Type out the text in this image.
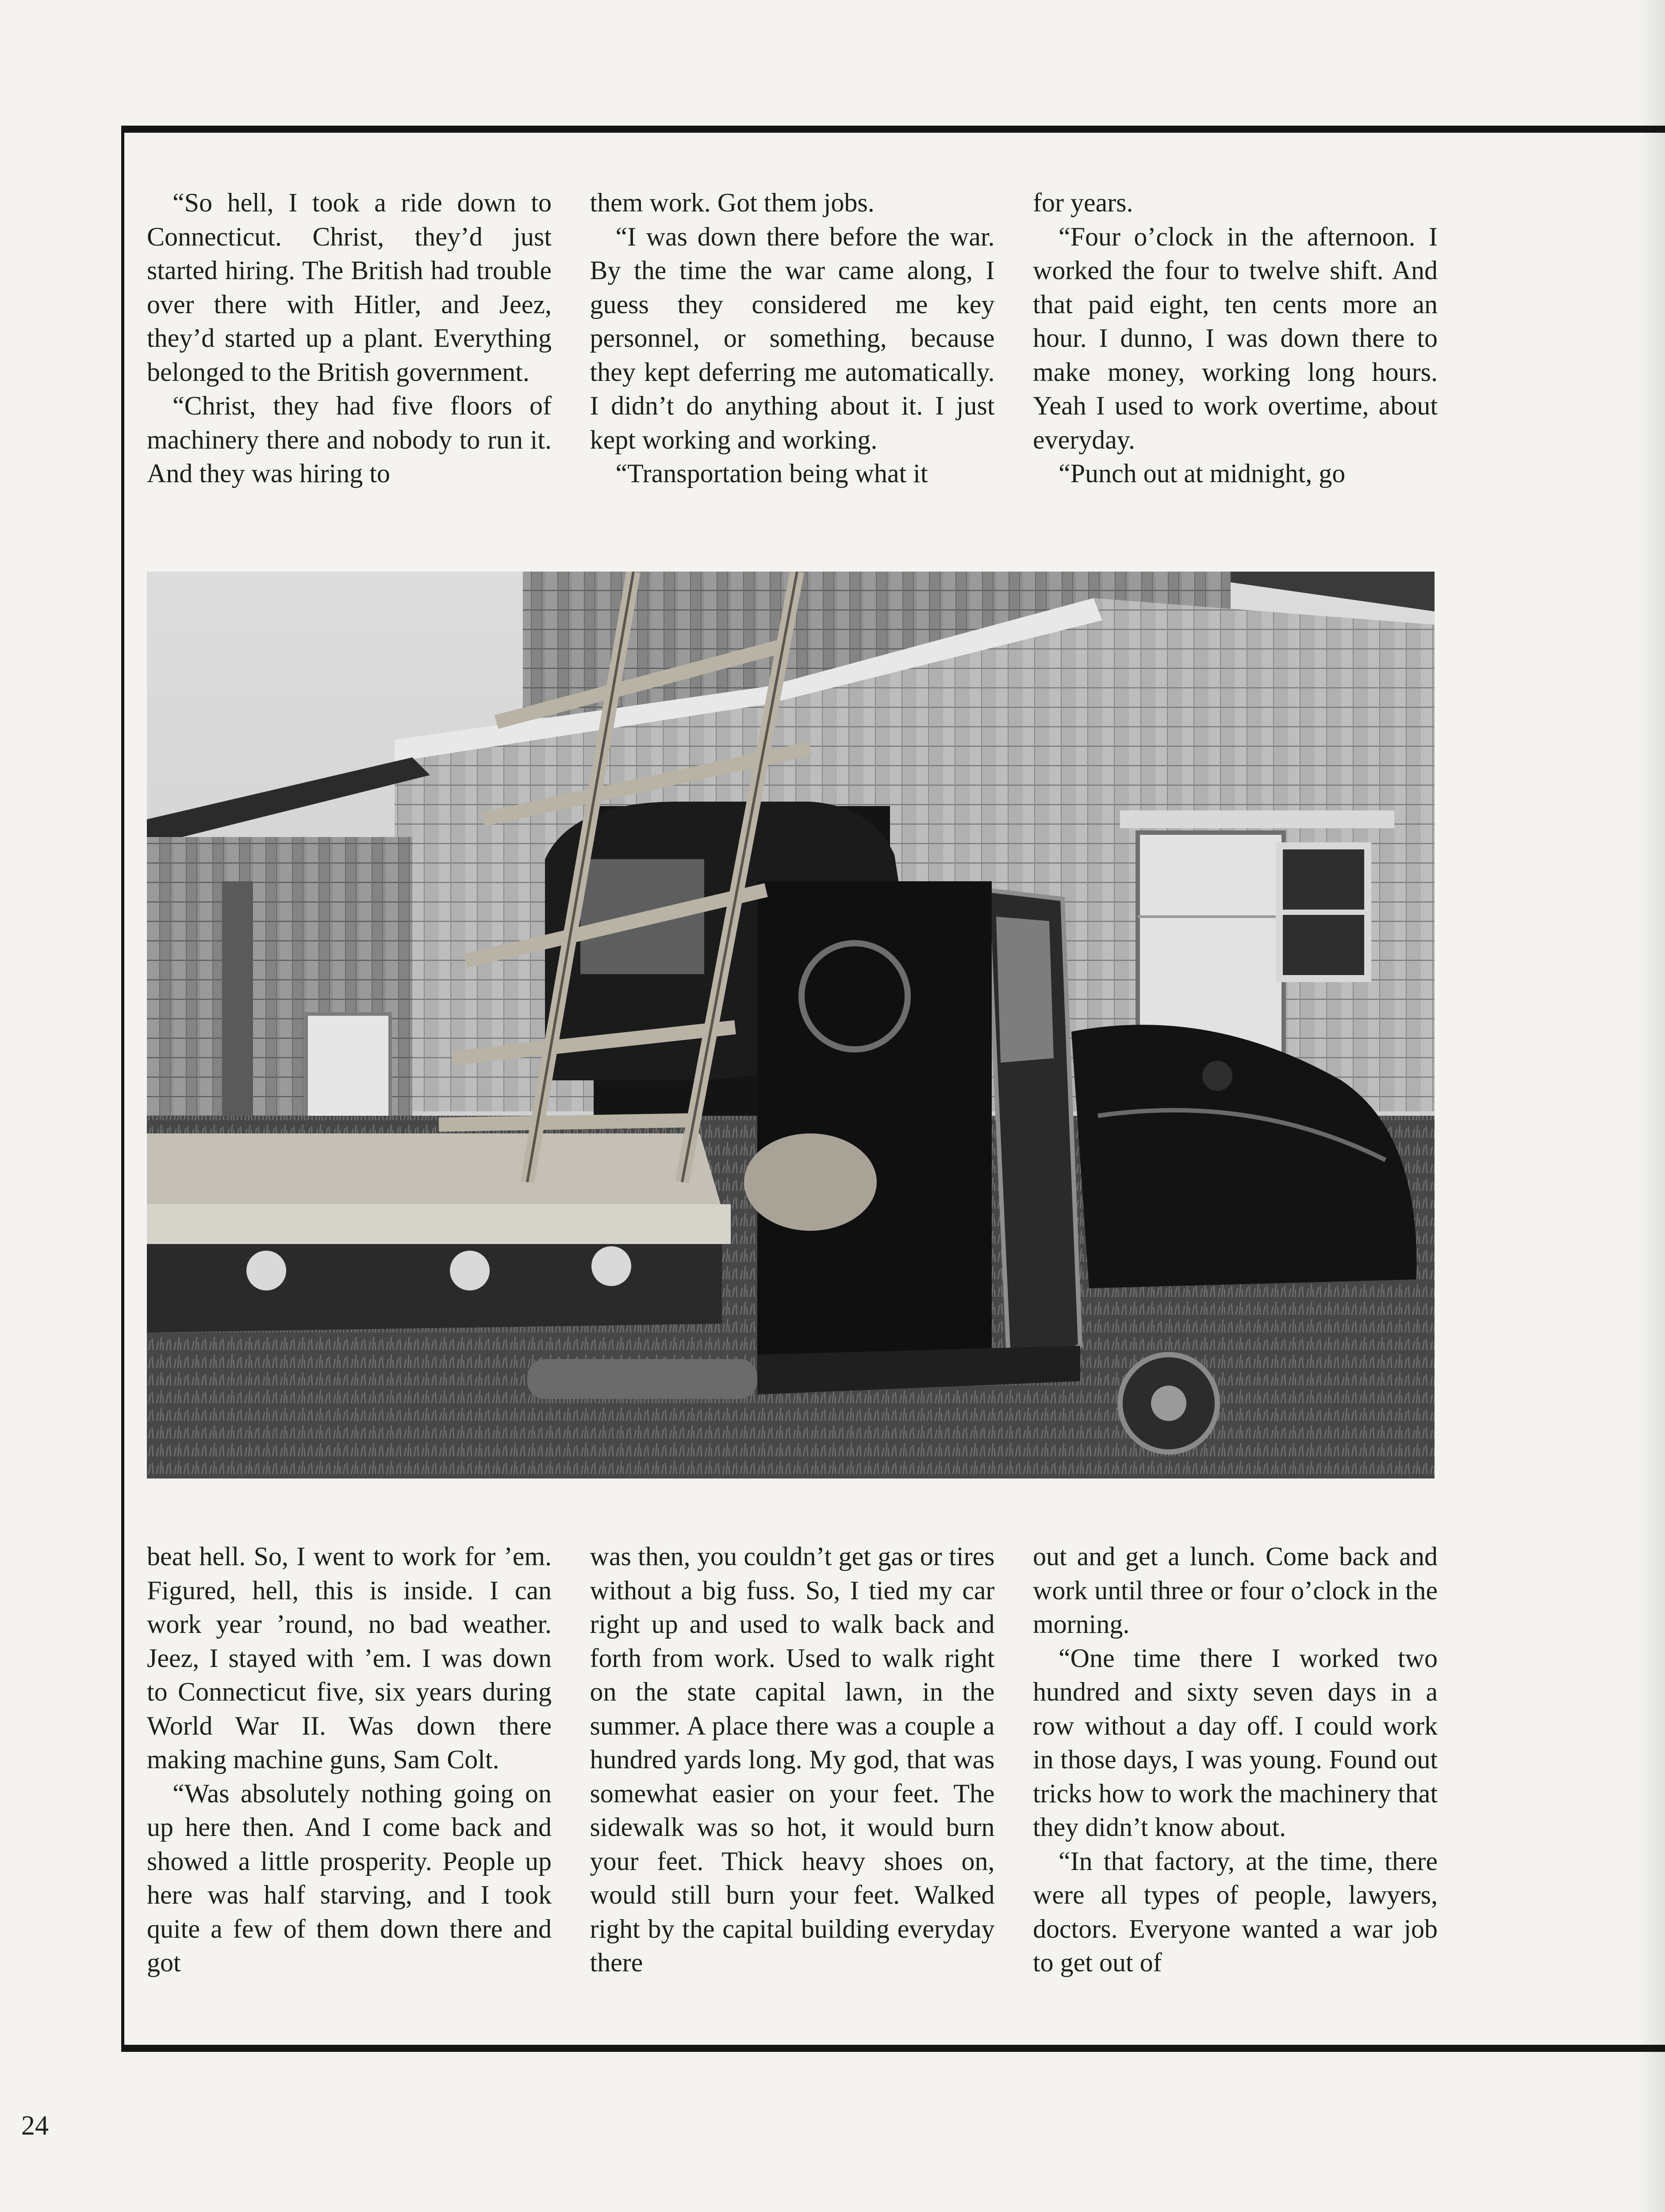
“So hell, I took a ride down to Connecticut. Christ, they’d just started hiring. The British had trouble over there with Hitler, and Jeez, they’d started up a plant. Everything belonged to the British government.

“Christ, they had five floors of machinery there and nobody to run it. And they was hiring to

them work. Got them jobs.

“I was down there before the war. By the time the war came along, I guess they considered me key personnel, or something, because they kept deferring me automatically. I didn’t do anything about it. I just kept working and working.

“Transportation being what it

for years.

“Four o’clock in the afternoon. I worked the four to twelve shift. And that paid eight, ten cents more an hour. I dunno, I was down there to make money, working long hours. Yeah I used to work overtime, about everyday.

“Punch out at midnight, go

beat hell. So, I went to work for ’em. Figured, hell, this is inside. I can work year ’round, no bad weather. Jeez, I stayed with ’em. I was down to Connecticut five, six years during World War II. Was down there making machine guns, Sam Colt.

“Was absolutely nothing going on up here then. And I come back and showed a little prosperity. People up here was half starving, and I took quite a few of them down there and got

was then, you couldn’t get gas or tires without a big fuss. So, I tied my car right up and used to walk back and forth from work. Used to walk right on the state capital lawn, in the summer. A place there was a couple a hundred yards long. My god, that was somewhat easier on your feet. The sidewalk was so hot, it would burn your feet. Thick heavy shoes on, would still burn your feet. Walked right by the capital building everyday there

out and get a lunch. Come back and work until three or four o’clock in the morning.

“One time there I worked two hundred and sixty seven days in a row without a day off. I could work in those days, I was young. Found out tricks how to work the machinery that they didn’t know about.

“In that factory, at the time, there were all types of people, lawyers, doctors. Everyone wanted a war job to get out of

24
